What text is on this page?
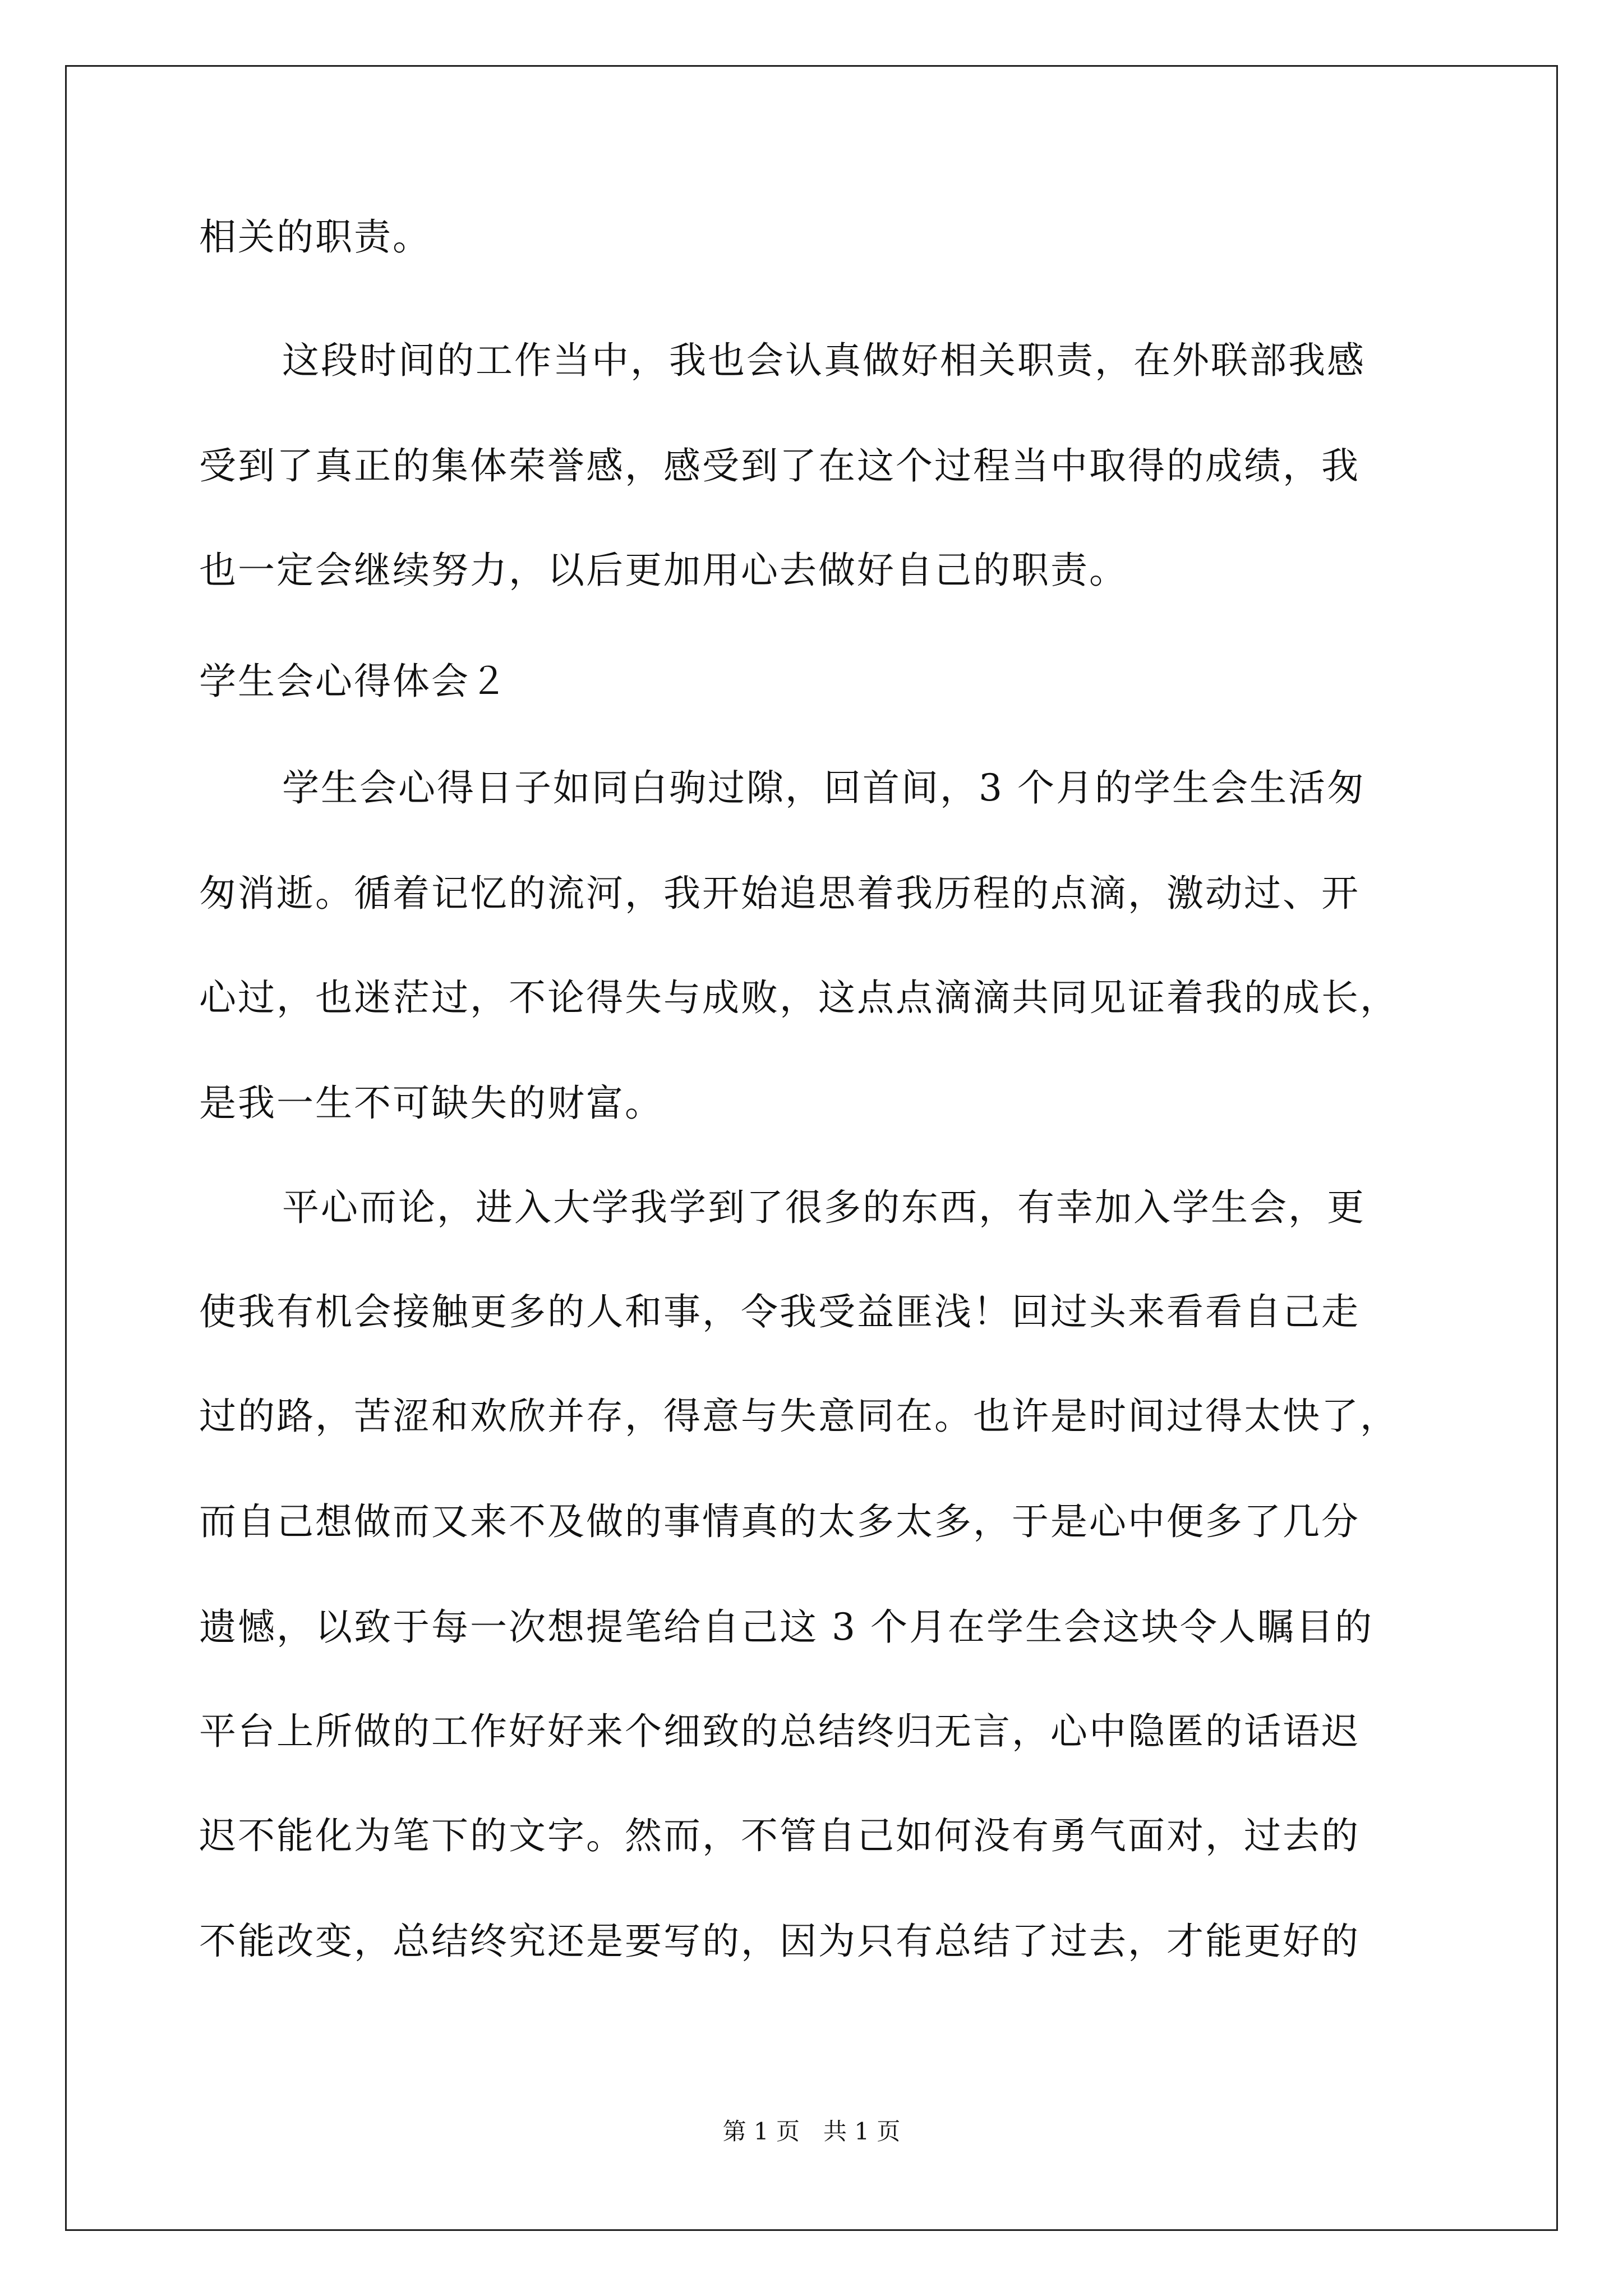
相关的职责。
这段时间的工作当中，我也会认真做好相关职责，在外联部我感
受到了真正的集体荣誉感，感受到了在这个过程当中取得的成绩，我
也一定会继续努力，以后更加用心去做好自己的职责。
学生会心得体会２
学生会心得日子如同白驹过隙，回首间，3 个月的学生会生活匆
匆消逝。循着记忆的流河，我开始追思着我历程的点滴，激动过、开
心过，也迷茫过，不论得失与成败，这点点滴滴共同见证着我的成长，
是我一生不可缺失的财富。
平心而论，进入大学我学到了很多的东西，有幸加入学生会，更
使我有机会接触更多的人和事，令我受益匪浅！回过头来看看自己走
过的路，苦涩和欢欣并存，得意与失意同在。也许是时间过得太快了，
而自己想做而又来不及做的事情真的太多太多，于是心中便多了几分
遗憾，以致于每一次想提笔给自己这 3 个月在学生会这块令人瞩目的
平台上所做的工作好好来个细致的总结终归无言，心中隐匿的话语迟
迟不能化为笔下的文字。然而，不管自己如何没有勇气面对，过去的
不能改变，总结终究还是要写的，因为只有总结了过去，才能更好的
第 1 页　共 1 页
